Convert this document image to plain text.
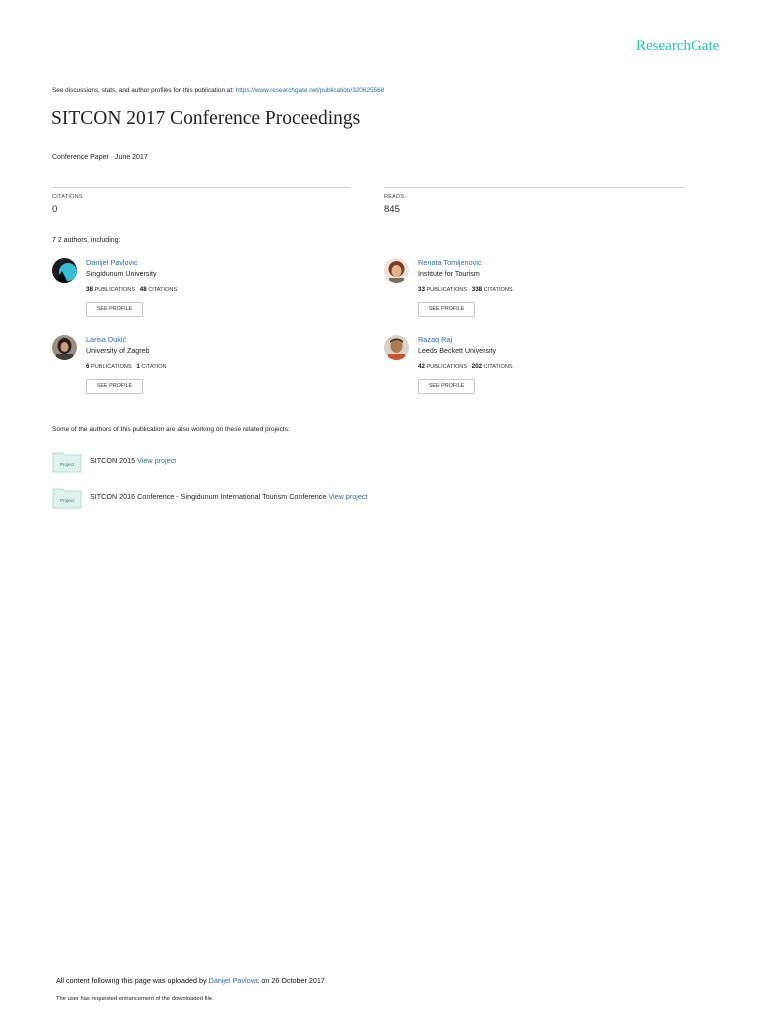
ResearchGate
See discussions, stats, and author profiles for this publication at: https://www.researchgate.net/publication/320625568
SITCON 2017 Conference Proceedings
Conference Paper · June 2017
CITATIONS
0
READS
845
7 2 authors, including:
Danijel Pavlovic
Singidunum University
38 PUBLICATIONS 48 CITATIONS
SEE PROFILE
Renata Tomljenovic
Institute for Tourism
33 PUBLICATIONS 338 CITATIONS
SEE PROFILE
Larisa Dukić
University of Zagreb
6 PUBLICATIONS 1 CITATION
SEE PROFILE
Razaq Raj
Leeds Beckett University
42 PUBLICATIONS 202 CITATIONS
SEE PROFILE
Some of the authors of this publication are also working on these related projects:
Project SITCON 2015 View project
Project SITCON 2016 Conference - Singidunum International Tourism Conference View project
All content following this page was uploaded by Danijel Pavlovic on 26 October 2017.
The user has requested enhancement of the downloaded file.
